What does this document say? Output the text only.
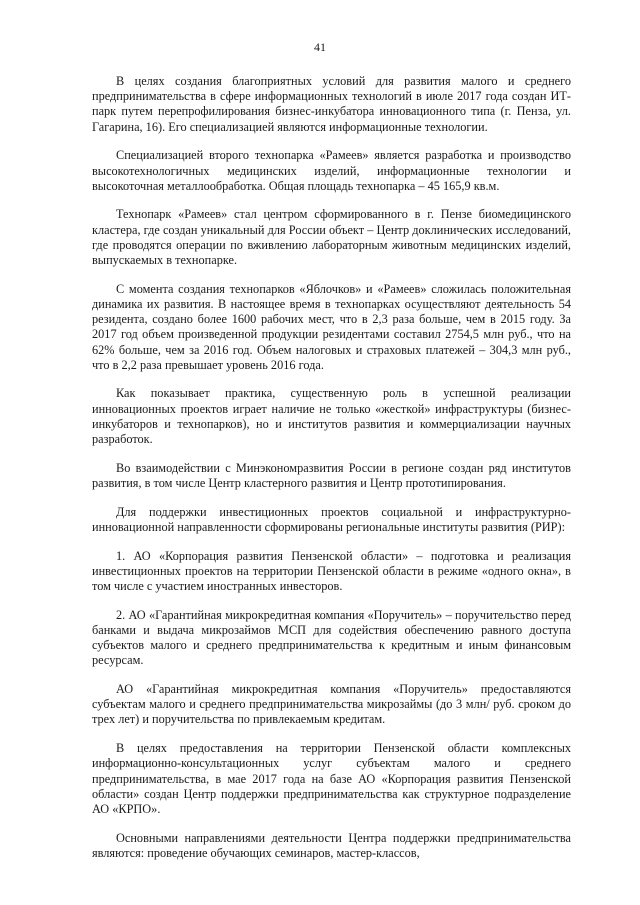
41

В целях создания благоприятных условий для развития малого и среднего предпринимательства в сфере информационных технологий в июле 2017 года создан ИТ-парк путем перепрофилирования бизнес-инкубатора инновационного типа (г. Пенза, ул. Гагарина, 16). Его специализацией являются информационные технологии.

Специализацией второго технопарка «Рамеев» является разработка и производство высокотехнологичных медицинских изделий, информационные технологии и высокоточная металлообработка. Общая площадь технопарка – 45 165,9 кв.м.

Технопарк «Рамеев» стал центром сформированного в г. Пензе биомедицинского кластера, где создан уникальный для России объект – Центр доклинических исследований, где проводятся операции по вживлению лабораторным животным медицинских изделий, выпускаемых в технопарке.

С момента создания технопарков «Яблочков» и «Рамеев» сложилась положительная динамика их развития. В настоящее время в технопарках осуществляют деятельность 54 резидента, создано более 1600 рабочих мест, что в 2,3 раза больше, чем в 2015 году. За 2017 год объем произведенной продукции резидентами составил 2754,5 млн руб., что на 62% больше, чем за 2016 год. Объем налоговых и страховых платежей – 304,3 млн руб., что в 2,2 раза превышает уровень 2016 года.

Как показывает практика, существенную роль в успешной реализации инновационных проектов играет наличие не только «жесткой» инфраструктуры (бизнес-инкубаторов и технопарков), но и институтов развития и коммерциализации научных разработок.

Во взаимодействии с Минэкономразвития России в регионе создан ряд институтов развития, в том числе Центр кластерного развития и Центр прототипирования.

Для поддержки инвестиционных проектов социальной и инфраструктурно-инновационной направленности сформированы региональные институты развития (РИР):

1. АО «Корпорация развития Пензенской области» – подготовка и реализация инвестиционных проектов на территории Пензенской области в режиме «одного окна», в том числе с участием иностранных инвесторов.

2. АО «Гарантийная микрокредитная компания «Поручитель» – поручительство перед банками и выдача микрозаймов МСП для содействия обеспечению равного доступа субъектов малого и среднего предпринимательства к кредитным и иным финансовым ресурсам.

АО «Гарантийная микрокредитная компания «Поручитель» предоставляются субъектам малого и среднего предпринимательства микрозаймы (до 3 млн/ руб. сроком до трех лет) и поручительства по привлекаемым кредитам.

В целях предоставления на территории Пензенской области комплексных информационно-консультационных услуг субъектам малого и среднего предпринимательства, в мае 2017 года на базе АО «Корпорация развития Пензенской области» создан Центр поддержки предпринимательства как структурное подразделение АО «КРПО».

Основными направлениями деятельности Центра поддержки предпринимательства являются: проведение обучающих семинаров, мастер-классов,
